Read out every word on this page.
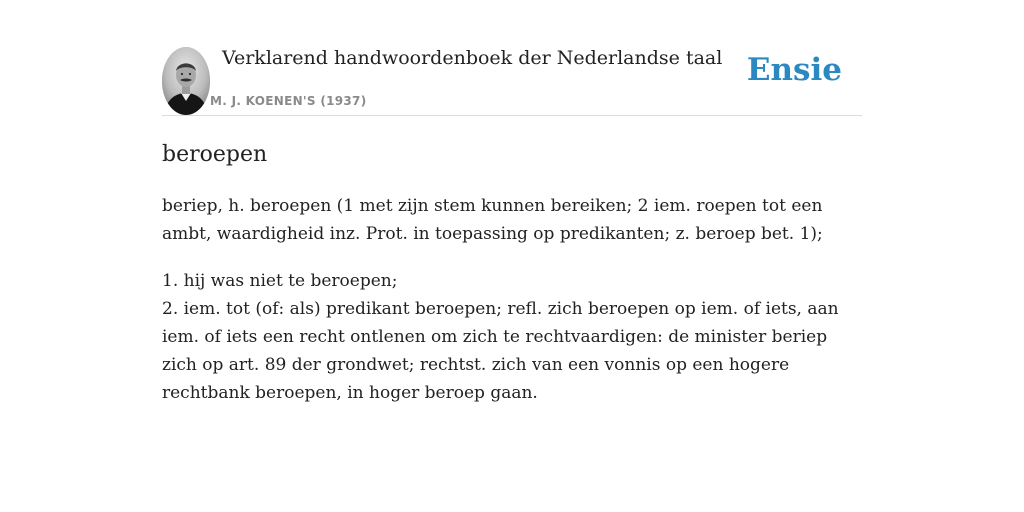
Verklarend handwoordenboek der Nederlandse taal
M. J. KOENEN'S (1937)
Ensie
beroepen

beriep, h. beroepen (1 met zijn stem kunnen bereiken; 2 iem. roepen tot een ambt, waardigheid inz. Prot. in toepassing op predikanten; z. beroep bet. 1);

1. hij was niet te beroepen;
2. iem. tot (of: als) predikant beroepen; refl. zich beroepen op iem. of iets, aan iem. of iets een recht ontlenen om zich te rechtvaardigen: de minister beriep zich op art. 89 der grondwet; rechtst. zich van een vonnis op een hogere rechtbank beroepen, in hoger beroep gaan.
